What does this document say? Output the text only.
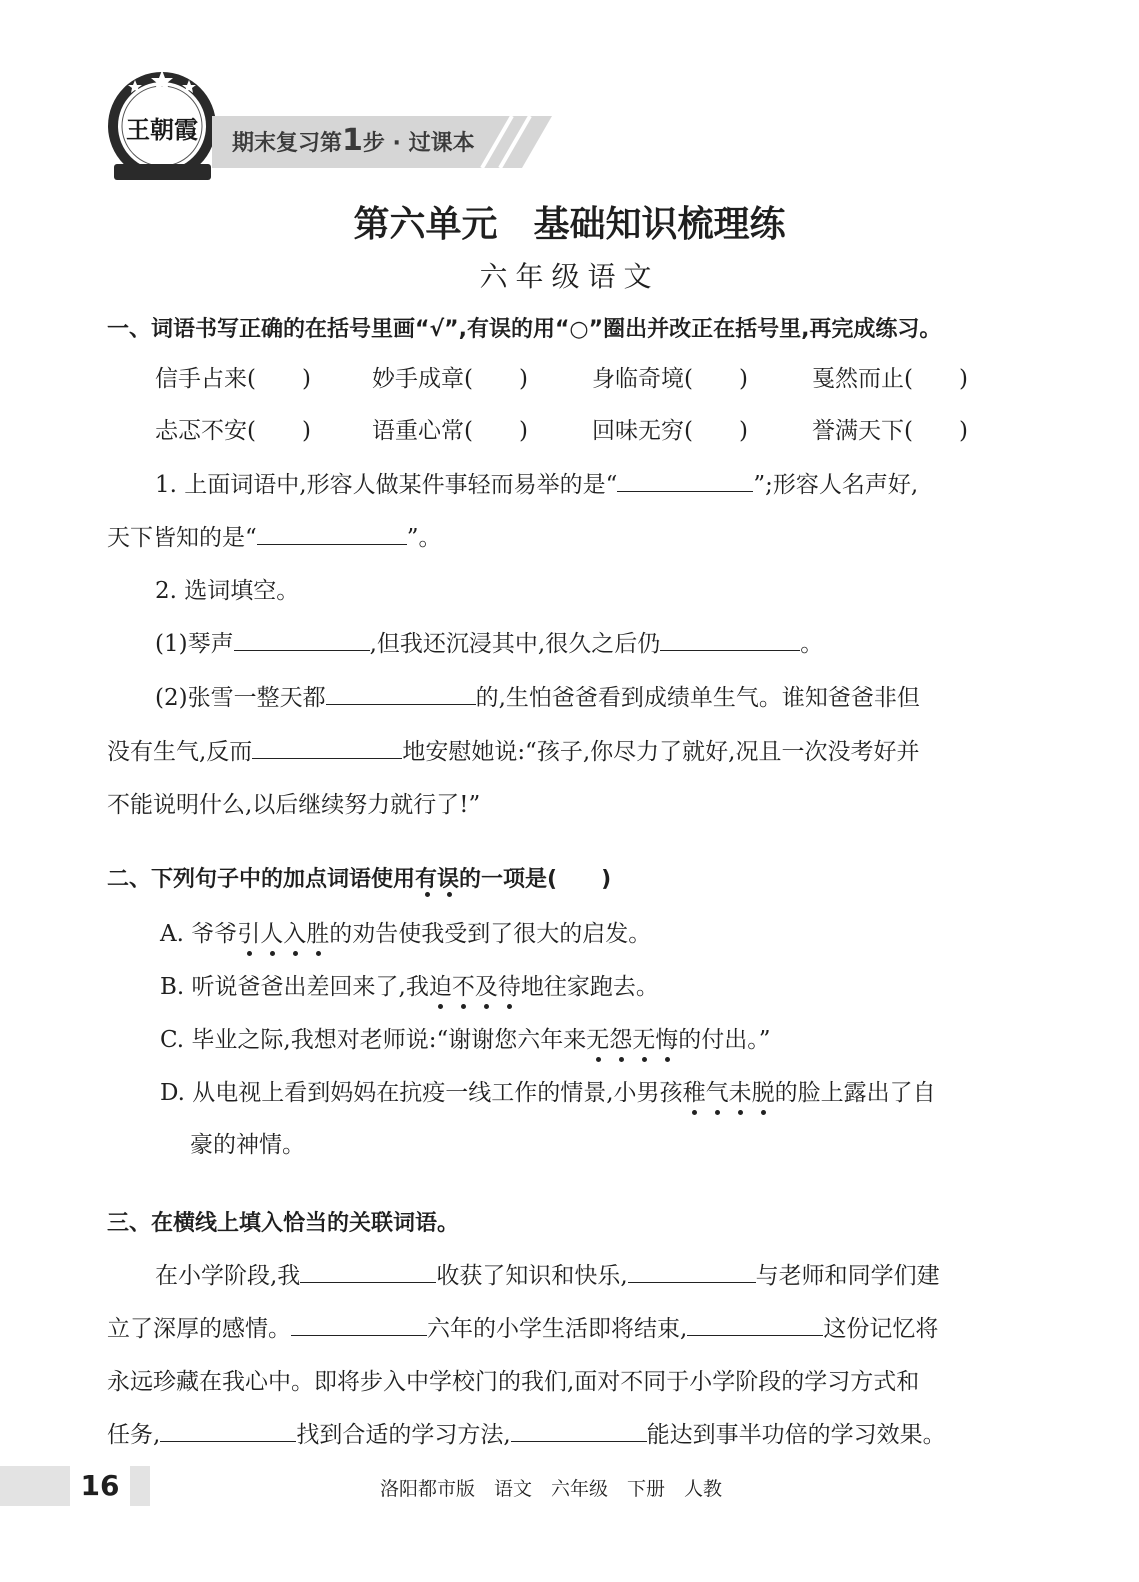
王朝霞 期末复习第1步 · 过课本
第六单元　基础知识梳理练
六年级语文
一、词语书写正确的在括号里画“√”,有误的用“○”圈出并改正在括号里,再完成练习。
信手占来(　　)	妙手成章(　　)	身临奇境(　　)	戛然而止(　　)
忐忑不安(　　)	语重心常(　　)	回味无穷(　　)	誉满天下(　　)
1. 上面词语中,形容人做某件事轻而易举的是“	”;形容人名声好,
天下皆知的是“	”。
2. 选词填空。
(1)琴声	,但我还沉浸其中,很久之后仍	。
(2)张雪一整天都	的,生怕爸爸看到成绩单生气。谁知爸爸非但
没有生气,反而	地安慰她说:“孩子,你尽力了就好,况且一次没考好并
不能说明什么,以后继续努力就行了!”
二、下列句子中的加点词语使用有误
的一项是(　　)
A. 爷爷引
人
入
胜
的劝告使我受到了很大的启发。
B. 听说爸爸出差回来了,我迫
不
及
待
地往家跑去。
C. 毕业之际,我想对老师说:“谢谢您六年来无
怨
无
悔
的付出。”
D. 从电视上看到妈妈在抗疫一线工作的情景,小男孩稚
气
未
脱
的脸上露出了自
豪的神情。
三、在横线上填入恰当的关联词语。
在小学阶段,我	收获了知识和快乐,	与老师和同学们建
立了深厚的感情。	六年的小学生活即将结束,	这份记忆将
永远珍藏在我心中。即将步入中学校门的我们,面对不同于小学阶段的学习方式和
任务,	找到合适的学习方法,	能达到事半功倍的学习效果。
16	洛阳都市版　语文　六年级　下册　人教
